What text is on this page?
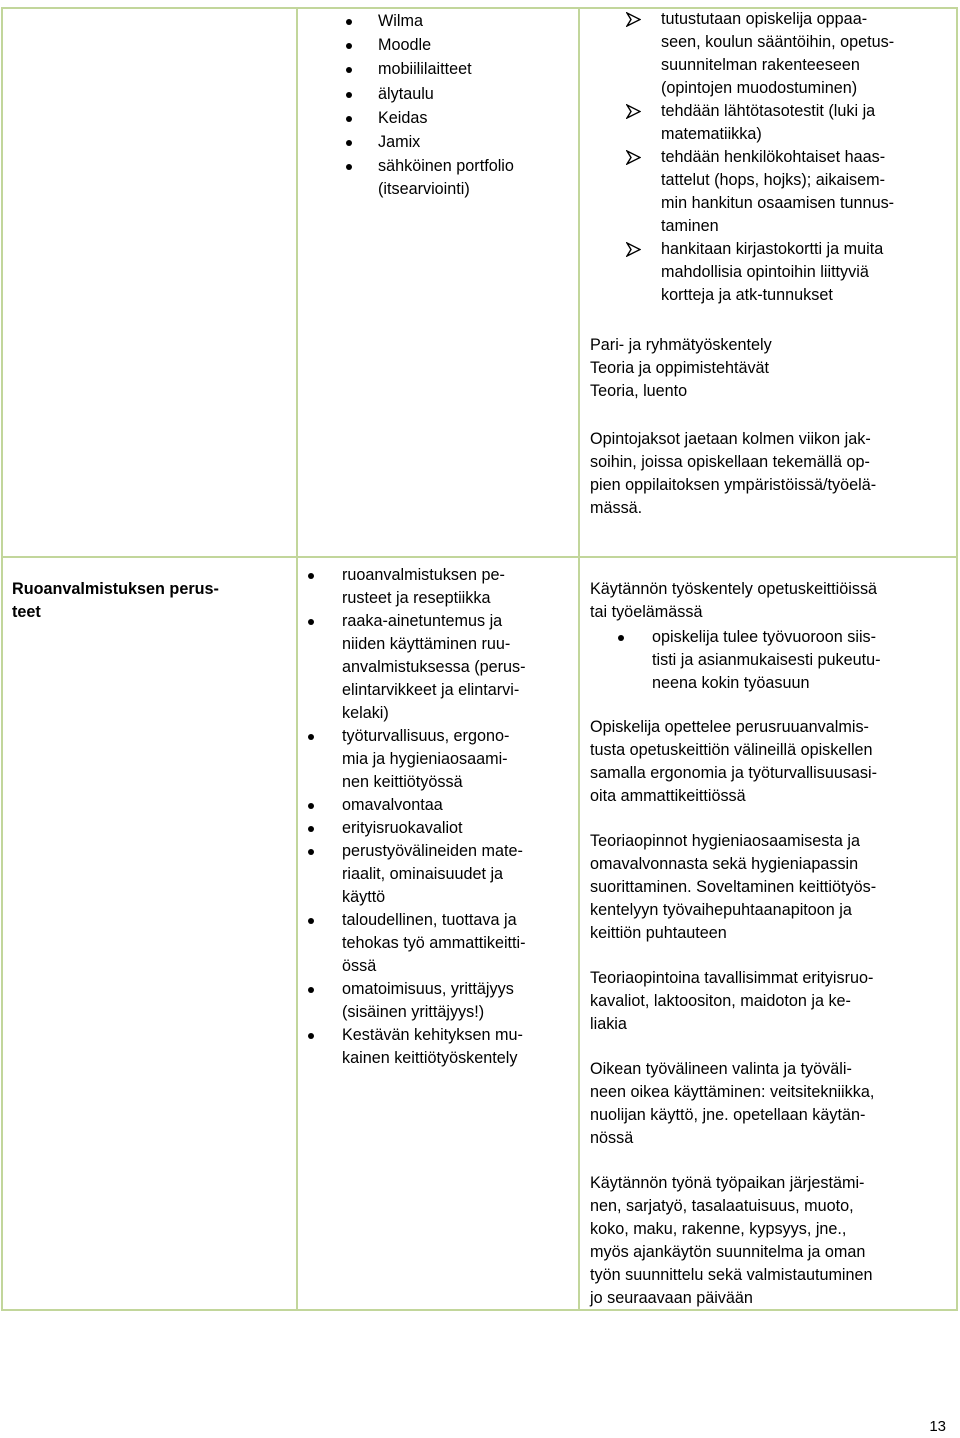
Wilma
Moodle
mobiililaitteet
älytaulu
Keidas
Jamix
sähköinen portfolio
(itsearviointi)
tutustutaan opiskelija oppaa-
seen, koulun sääntöihin, opetus-
suunnitelman rakenteeseen
(opintojen muodostuminen)
tehdään lähtötasotestit (luki ja
matematiikka)
tehdään henkilökohtaiset haas-
tattelut (hops, hojks); aikaisem-
min hankitun osaamisen tunnus-
taminen
hankitaan kirjastokortti ja muita
mahdollisia opintoihin liittyviä
kortteja ja atk-tunnukset
Pari- ja ryhmätyöskentely
Teoria ja oppimistehtävät
Teoria, luento
Opintojaksot jaetaan kolmen viikon jak-
soihin, joissa opiskellaan tekemällä op-
pien oppilaitoksen ympäristöissä/työelä-
mässä.
Ruoanvalmistuksen perus-
teet
ruoanvalmistuksen pe-
rusteet ja reseptiikka
raaka-ainetuntemus ja
niiden käyttäminen ruu-
anvalmistuksessa (perus-
elintarvikkeet ja elintarvi-
kelaki)
työturvallisuus, ergono-
mia ja hygieniaosaami-
nen keittiötyössä
omavalvontaa
erityisruokavaliot
perustyövälineiden mate-
riaalit, ominaisuudet ja
käyttö
taloudellinen, tuottava ja
tehokas työ ammattikeitti-
össä
omatoimisuus, yrittäjyys
(sisäinen yrittäjyys!)
Kestävän kehityksen mu-
kainen keittiötyöskentely
Käytännön työskentely opetuskeittiöissä
tai työelämässä
opiskelija tulee työvuoroon siis-
tisti ja asianmukaisesti pukeutu-
neena kokin työasuun
Opiskelija opettelee perusruuanvalmis-
tusta opetuskeittiön välineillä opiskellen
samalla ergonomia ja työturvallisuusasi-
oita ammattikeittiössä
Teoriaopinnot hygieniaosaamisesta ja
omavalvonnasta sekä hygieniapassin
suorittaminen. Soveltaminen keittiötyös-
kentelyyn työvaihepuhtaanapitoon ja
keittiön puhtauteen
Teoriaopintoina tavallisimmat erityisruo-
kavaliot, laktoositon, maidoton ja ke-
liakia
Oikean työvälineen valinta ja työväli-
neen oikea käyttäminen: veitsitekniikka,
nuolijan käyttö, jne. opetellaan käytän-
nössä
Käytännön työnä työpaikan järjestämi-
nen, sarjatyö, tasalaatuisuus, muoto,
koko, maku, rakenne, kypsyys, jne.,
myös ajankäytön suunnitelma ja oman
työn suunnittelu sekä valmistautuminen
jo seuraavaan päivään
13
